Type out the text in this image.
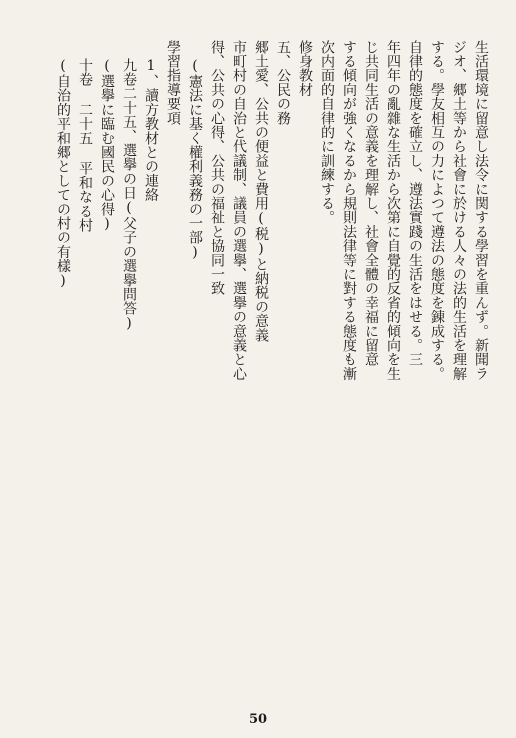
生活環境に留意し法令に関する學習を重んず。新聞ラ
ジオ、郷土等から社會に於ける人々の法的生活を理解
する。學友相互の力によつて遵法の態度を錬成する。
自律的態度を確立し、遵法實踐の生活をはせる。三
年四年の亂雜な生活から次第に自覺的反省的傾向を生
じ共同生活の意義を理解し、社會全體の幸福に留意
する傾向が強くなるから規則法律等に對する態度も漸
次内面的自律的に訓練する。
修身教材
五、公民の務
郷土愛、公共の便益と費用(税)と納税の意義
市町村の自治と代議制、議員の選擧、選擧の意義と心
得、公共の心得、公共の福祉と協同一致
(憲法に基く權利義務の一部)
學習指導要項
1、讀方教材との連絡
九卷二十五、選擧の日(父子の選擧問答)
(選擧に臨む國民の心得)
十卷 二十五 平和なる村
(自治的平和郷としての村の有樣)
50
